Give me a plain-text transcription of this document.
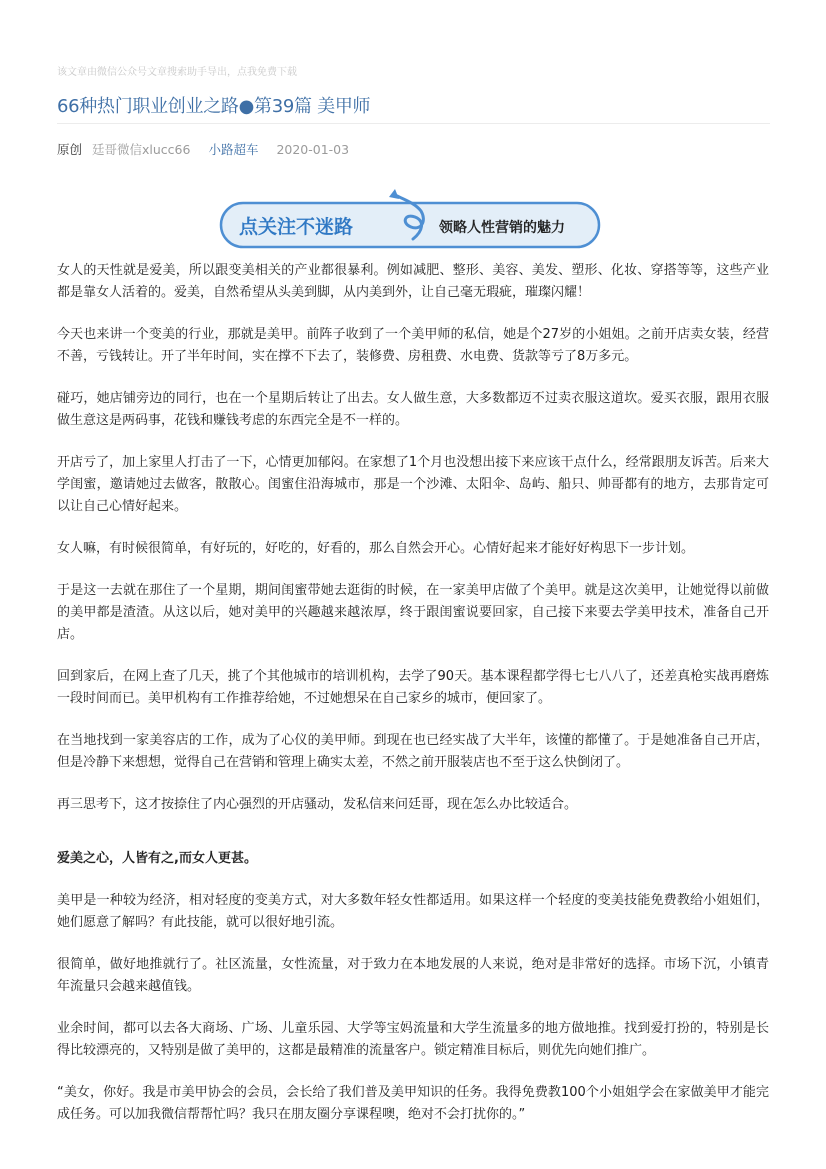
该文章由微信公众号文章搜索助手导出，点我免费下载
66种热门职业创业之路●第39篇 美甲师
原创 廷哥微信xlucc66 小路超车 2020-01-03
点关注不迷路	领略人性营销的魅力

女人的天性就是爱美，所以跟变美相关的产业都很暴利。例如减肥、整形、美容、美发、塑形、化妆、穿搭等等，这些产业都是靠女人活着的。爱美，自然希望从头美到脚，从内美到外，让自己毫无瑕疵，璀璨闪耀！

今天也来讲一个变美的行业，那就是美甲。前阵子收到了一个美甲师的私信，她是个27岁的小姐姐。之前开店卖女装，经营不善，亏钱转让。开了半年时间，实在撑不下去了，装修费、房租费、水电费、货款等亏了8万多元。

碰巧，她店铺旁边的同行，也在一个星期后转让了出去。女人做生意，大多数都迈不过卖衣服这道坎。爱买衣服，跟用衣服做生意这是两码事，花钱和赚钱考虑的东西完全是不一样的。

开店亏了，加上家里人打击了一下，心情更加郁闷。在家想了1个月也没想出接下来应该干点什么，经常跟朋友诉苦。后来大学闺蜜，邀请她过去做客，散散心。闺蜜住沿海城市，那是一个沙滩、太阳伞、岛屿、船只、帅哥都有的地方，去那肯定可以让自己心情好起来。

女人嘛，有时候很简单，有好玩的，好吃的，好看的，那么自然会开心。心情好起来才能好好构思下一步计划。

于是这一去就在那住了一个星期，期间闺蜜带她去逛街的时候，在一家美甲店做了个美甲。就是这次美甲，让她觉得以前做的美甲都是渣渣。从这以后，她对美甲的兴趣越来越浓厚，终于跟闺蜜说要回家，自己接下来要去学美甲技术，准备自己开店。

回到家后，在网上查了几天，挑了个其他城市的培训机构，去学了90天。基本课程都学得七七八八了，还差真枪实战再磨炼一段时间而已。美甲机构有工作推荐给她，不过她想呆在自己家乡的城市，便回家了。

在当地找到一家美容店的工作，成为了心仪的美甲师。到现在也已经实战了大半年，该懂的都懂了。于是她准备自己开店，但是冷静下来想想，觉得自己在营销和管理上确实太差，不然之前开服装店也不至于这么快倒闭了。

再三思考下，这才按捺住了内心强烈的开店骚动，发私信来问廷哥，现在怎么办比较适合。

爱美之心，人皆有之,而女人更甚。

美甲是一种较为经济，相对轻度的变美方式，对大多数年轻女性都适用。如果这样一个轻度的变美技能免费教给小姐姐们，她们愿意了解吗？有此技能，就可以很好地引流。

很简单，做好地推就行了。社区流量，女性流量，对于致力在本地发展的人来说，绝对是非常好的选择。市场下沉，小镇青年流量只会越来越值钱。

业余时间，都可以去各大商场、广场、儿童乐园、大学等宝妈流量和大学生流量多的地方做地推。找到爱打扮的，特别是长得比较漂亮的，又特别是做了美甲的，这都是最精准的流量客户。锁定精准目标后，则优先向她们推广。

“美女，你好。我是市美甲协会的会员，会长给了我们普及美甲知识的任务。我得免费教100个小姐姐学会在家做美甲才能完成任务。可以加我微信帮帮忙吗？我只在朋友圈分享课程噢，绝对不会打扰你的。”
